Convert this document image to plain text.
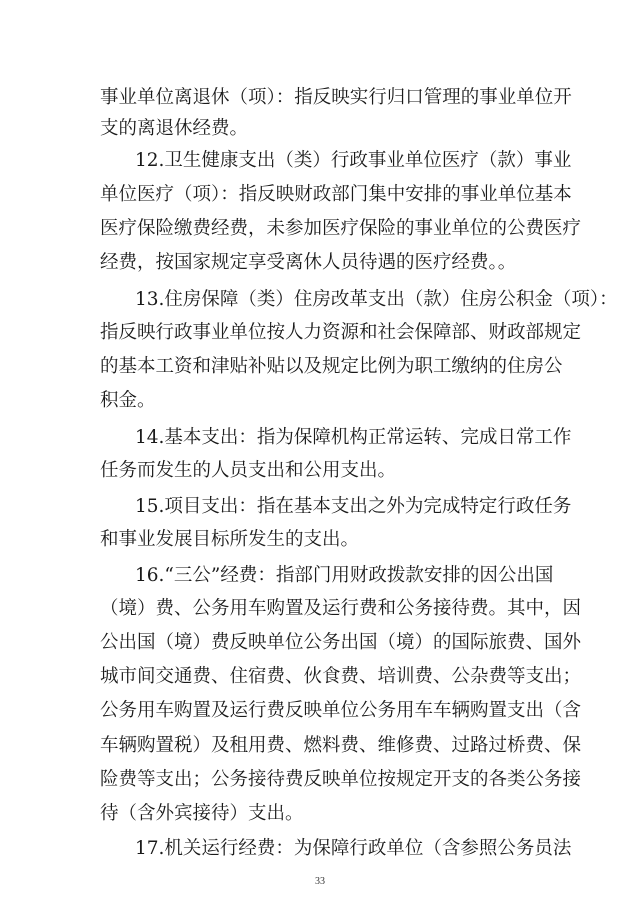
事业单位离退休（项）：指反映实行归口管理的事业单位开
支的离退休经费。
12.卫生健康支出（类）行政事业单位医疗（款）事业
单位医疗（项）：指反映财政部门集中安排的事业单位基本
医疗保险缴费经费，未参加医疗保险的事业单位的公费医疗
经费，按国家规定享受离休人员待遇的医疗经费。。
13.住房保障（类）住房改革支出（款）住房公积金（项）：
指反映行政事业单位按人力资源和社会保障部、财政部规定
的基本工资和津贴补贴以及规定比例为职工缴纳的住房公
积金。
14.基本支出：指为保障机构正常运转、完成日常工作
任务而发生的人员支出和公用支出。
15.项目支出：指在基本支出之外为完成特定行政任务
和事业发展目标所发生的支出。
16.“三公”经费：指部门用财政拨款安排的因公出国
（境）费、公务用车购置及运行费和公务接待费。其中，因
公出国（境）费反映单位公务出国（境）的国际旅费、国外
城市间交通费、住宿费、伙食费、培训费、公杂费等支出；
公务用车购置及运行费反映单位公务用车车辆购置支出（含
车辆购置税）及租用费、燃料费、维修费、过路过桥费、保
险费等支出；公务接待费反映单位按规定开支的各类公务接
待（含外宾接待）支出。
17.机关运行经费：为保障行政单位（含参照公务员法
33
